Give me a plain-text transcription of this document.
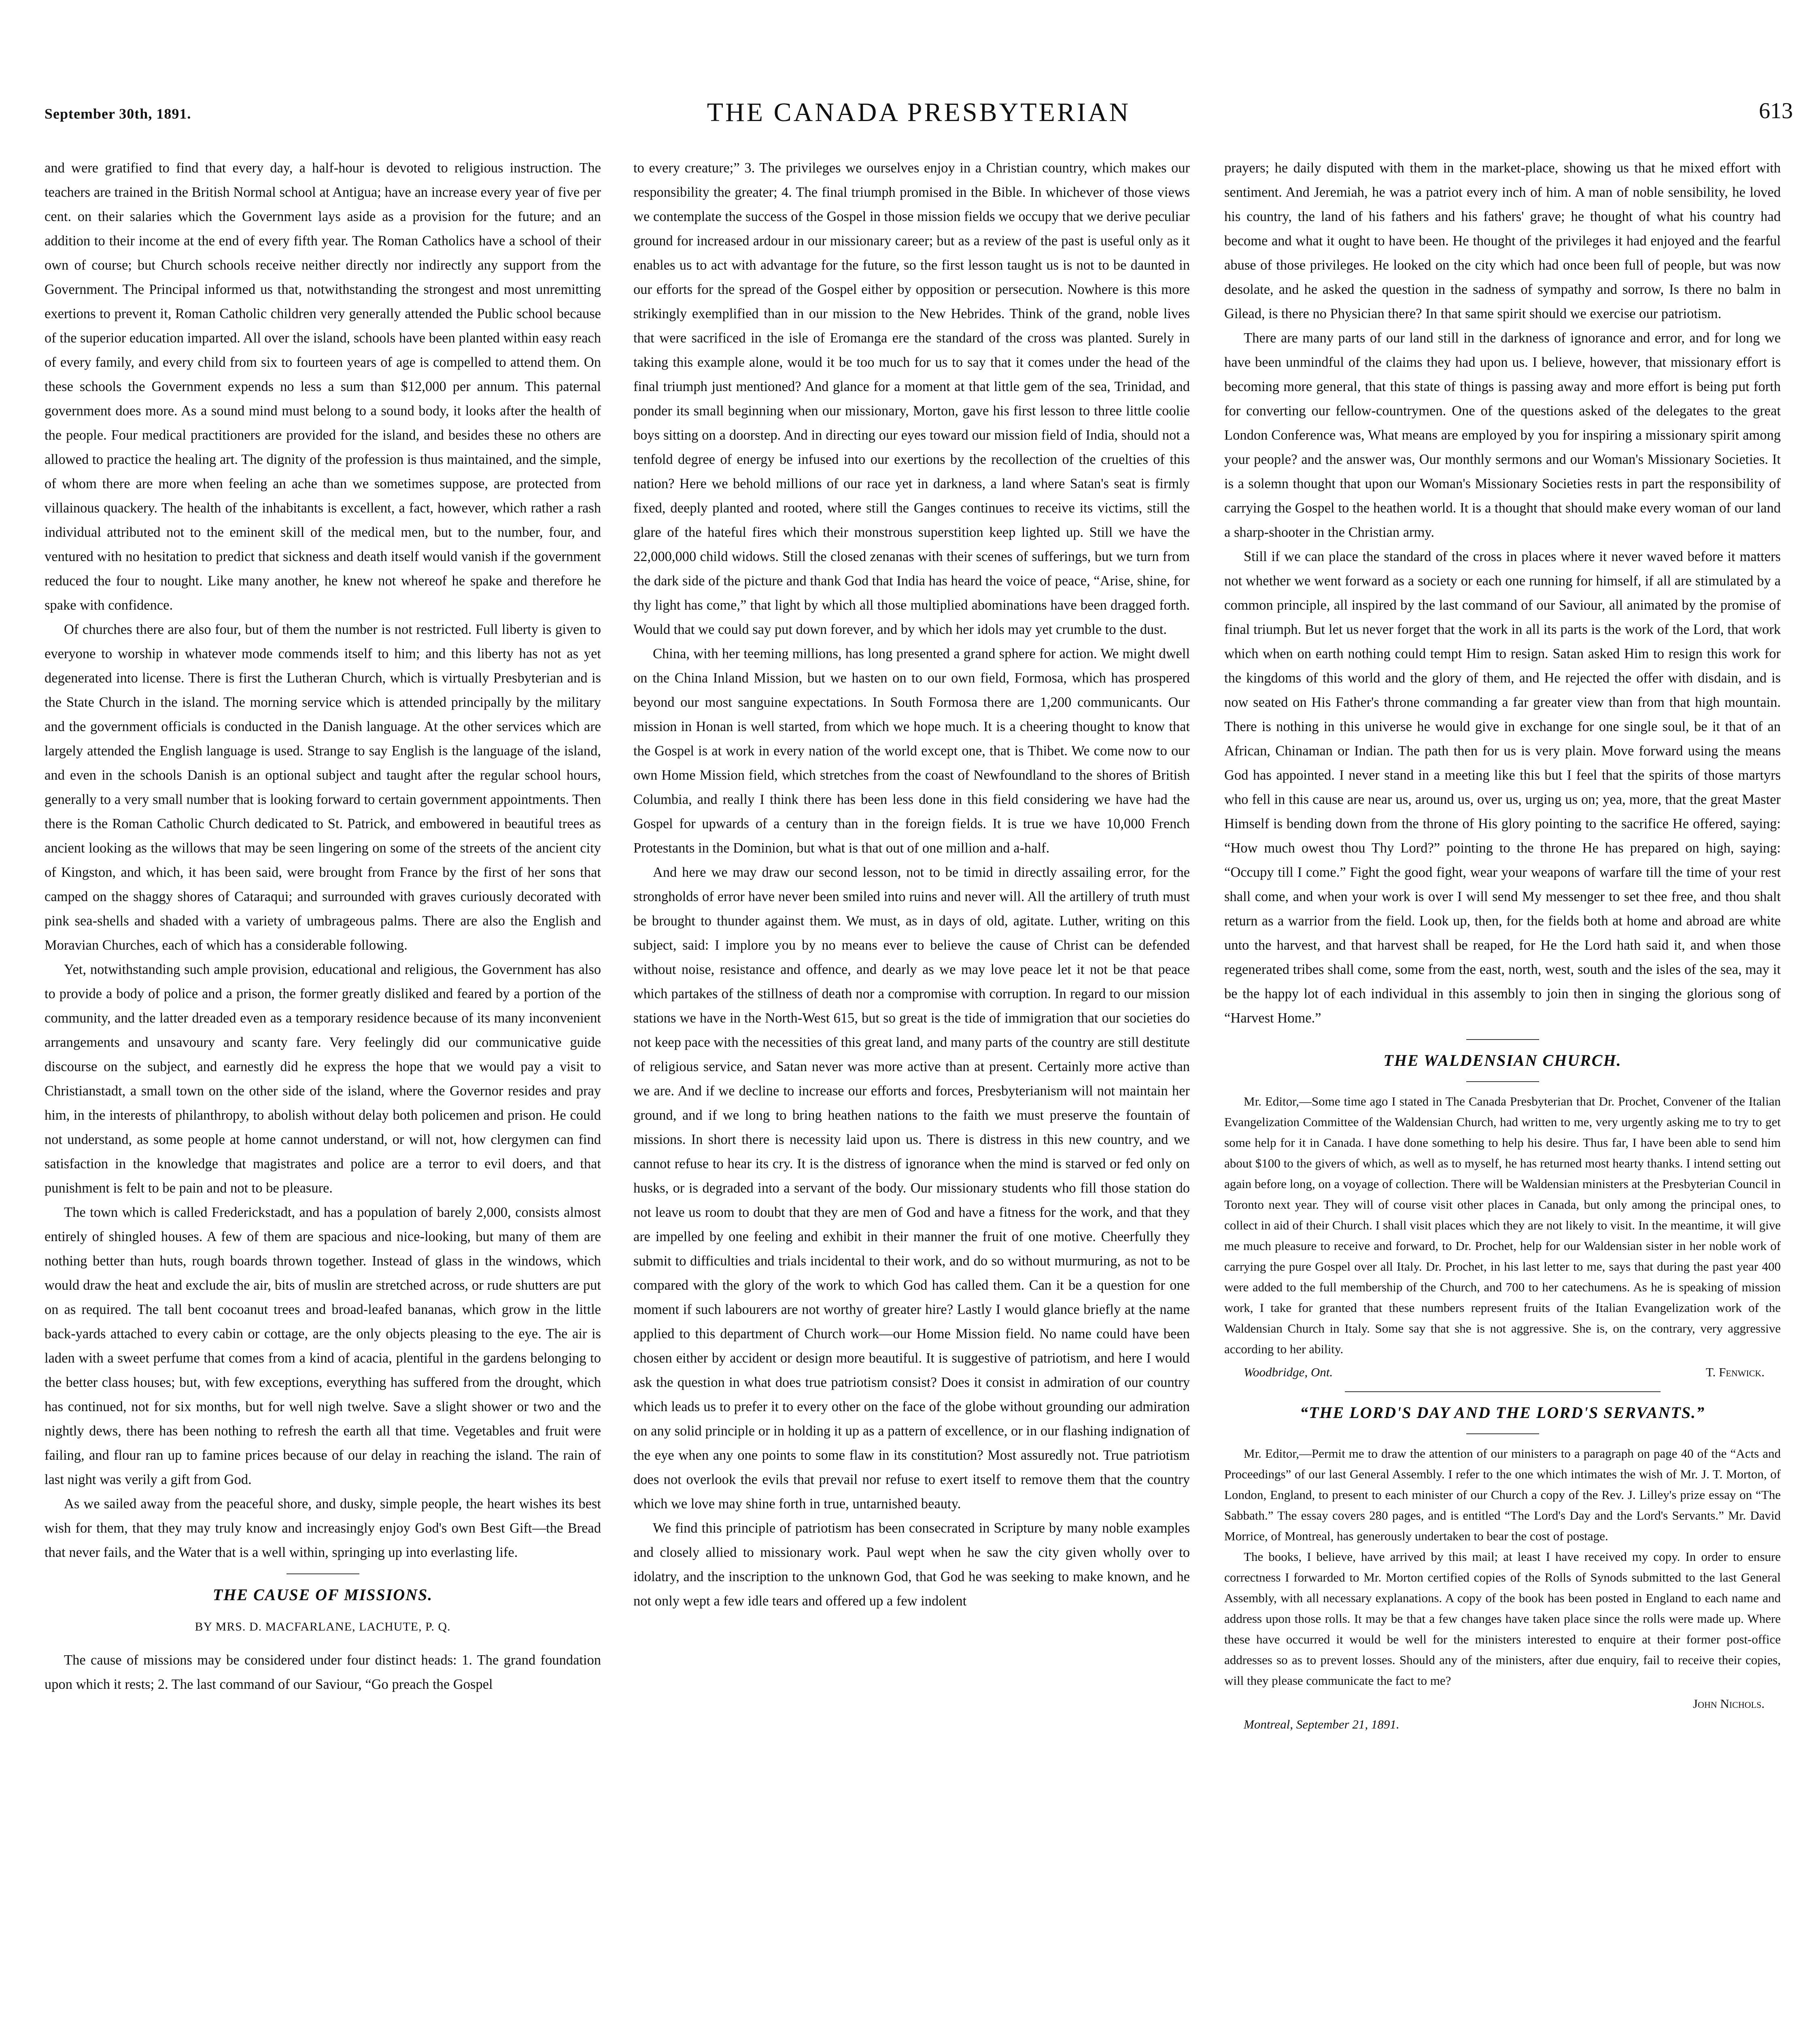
September 30th, 1891.	THE CANADA PRESBYTERIAN	613

and were gratified to find that every day, a half-hour is devoted to religious instruction. The teachers are trained in the British Normal school at Antigua; have an increase every year of five per cent. on their salaries which the Government lays aside as a provision for the future; and an addition to their income at the end of every fifth year. The Roman Catholics have a school of their own of course; but Church schools receive neither directly nor indirectly any support from the Government. The Principal informed us that, notwithstanding the strongest and most unremitting exertions to prevent it, Roman Catholic children very generally attended the Public school because of the superior education imparted. All over the island, schools have been planted within easy reach of every family, and every child from six to fourteen years of age is compelled to attend them. On these schools the Government expends no less a sum than $12,000 per annum. This paternal government does more. As a sound mind must belong to a sound body, it looks after the health of the people. Four medical practitioners are provided for the island, and besides these no others are allowed to practice the healing art. The dignity of the profession is thus maintained, and the simple, of whom there are more when feeling an ache than we sometimes suppose, are protected from villainous quackery. The health of the inhabitants is excellent, a fact, however, which rather a rash individual attributed not to the eminent skill of the medical men, but to the number, four, and ventured with no hesitation to predict that sickness and death itself would vanish if the government reduced the four to nought. Like many another, he knew not whereof he spake and therefore he spake with confidence.

Of churches there are also four, but of them the number is not restricted. Full liberty is given to everyone to worship in whatever mode commends itself to him; and this liberty has not as yet degenerated into license. There is first the Lutheran Church, which is virtually Presbyterian and is the State Church in the island. The morning service which is attended principally by the military and the government officials is conducted in the Danish language. At the other services which are largely attended the English language is used. Strange to say English is the language of the island, and even in the schools Danish is an optional subject and taught after the regular school hours, generally to a very small number that is looking forward to certain government appointments. Then there is the Roman Catholic Church dedicated to St. Patrick, and embowered in beautiful trees as ancient looking as the willows that may be seen lingering on some of the streets of the ancient city of Kingston, and which, it has been said, were brought from France by the first of her sons that camped on the shaggy shores of Cataraqui; and surrounded with graves curiously decorated with pink sea-shells and shaded with a variety of umbrageous palms. There are also the English and Moravian Churches, each of which has a considerable following.

Yet, notwithstanding such ample provision, educational and religious, the Government has also to provide a body of police and a prison, the former greatly disliked and feared by a portion of the community, and the latter dreaded even as a temporary residence because of its many inconvenient arrangements and unsavoury and scanty fare. Very feelingly did our communicative guide discourse on the subject, and earnestly did he express the hope that we would pay a visit to Christianstadt, a small town on the other side of the island, where the Governor resides and pray him, in the interests of philanthropy, to abolish without delay both policemen and prison. He could not understand, as some people at home cannot understand, or will not, how clergymen can find satisfaction in the knowledge that magistrates and police are a terror to evil doers, and that punishment is felt to be pain and not to be pleasure.

The town which is called Frederickstadt, and has a population of barely 2,000, consists almost entirely of shingled houses. A few of them are spacious and nice-looking, but many of them are nothing better than huts, rough boards thrown together. Instead of glass in the windows, which would draw the heat and exclude the air, bits of muslin are stretched across, or rude shutters are put on as required. The tall bent cocoanut trees and broad-leafed bananas, which grow in the little back-yards attached to every cabin or cottage, are the only objects pleasing to the eye. The air is laden with a sweet perfume that comes from a kind of acacia, plentiful in the gardens belonging to the better class houses; but, with few exceptions, everything has suffered from the drought, which has continued, not for six months, but for well nigh twelve. Save a slight shower or two and the nightly dews, there has been nothing to refresh the earth all that time. Vegetables and fruit were failing, and flour ran up to famine prices because of our delay in reaching the island. The rain of last night was verily a gift from God.

As we sailed away from the peaceful shore, and dusky, simple people, the heart wishes its best wish for them, that they may truly know and increasingly enjoy God's own Best Gift—the Bread that never fails, and the Water that is a well within, springing up into everlasting life.

THE CAUSE OF MISSIONS.
BY MRS. D. MACFARLANE, LACHUTE, P. Q.

The cause of missions may be considered under four distinct heads: 1. The grand foundation upon which it rests; 2. The last command of our Saviour, “Go preach the Gospel

to every creature;” 3. The privileges we ourselves enjoy in a Christian country, which makes our responsibility the greater; 4. The final triumph promised in the Bible. In whichever of those views we contemplate the success of the Gospel in those mission fields we occupy that we derive peculiar ground for increased ardour in our missionary career; but as a review of the past is useful only as it enables us to act with advantage for the future, so the first lesson taught us is not to be daunted in our efforts for the spread of the Gospel either by opposition or persecution. Nowhere is this more strikingly exemplified than in our mission to the New Hebrides. Think of the grand, noble lives that were sacrificed in the isle of Eromanga ere the standard of the cross was planted. Surely in taking this example alone, would it be too much for us to say that it comes under the head of the final triumph just mentioned? And glance for a moment at that little gem of the sea, Trinidad, and ponder its small beginning when our missionary, Morton, gave his first lesson to three little coolie boys sitting on a doorstep. And in directing our eyes toward our mission field of India, should not a tenfold degree of energy be infused into our exertions by the recollection of the cruelties of this nation? Here we behold millions of our race yet in darkness, a land where Satan's seat is firmly fixed, deeply planted and rooted, where still the Ganges continues to receive its victims, still the glare of the hateful fires which their monstrous superstition keep lighted up. Still we have the 22,000,000 child widows. Still the closed zenanas with their scenes of sufferings, but we turn from the dark side of the picture and thank God that India has heard the voice of peace, “Arise, shine, for thy light has come,” that light by which all those multiplied abominations have been dragged forth. Would that we could say put down forever, and by which her idols may yet crumble to the dust.

China, with her teeming millions, has long presented a grand sphere for action. We might dwell on the China Inland Mission, but we hasten on to our own field, Formosa, which has prospered beyond our most sanguine expectations. In South Formosa there are 1,200 communicants. Our mission in Honan is well started, from which we hope much. It is a cheering thought to know that the Gospel is at work in every nation of the world except one, that is Thibet. We come now to our own Home Mission field, which stretches from the coast of Newfoundland to the shores of British Columbia, and really I think there has been less done in this field considering we have had the Gospel for upwards of a century than in the foreign fields. It is true we have 10,000 French Protestants in the Dominion, but what is that out of one million and a-half.

And here we may draw our second lesson, not to be timid in directly assailing error, for the strongholds of error have never been smiled into ruins and never will. All the artillery of truth must be brought to thunder against them. We must, as in days of old, agitate. Luther, writing on this subject, said: I implore you by no means ever to believe the cause of Christ can be defended without noise, resistance and offence, and dearly as we may love peace let it not be that peace which partakes of the stillness of death nor a compromise with corruption. In regard to our mission stations we have in the North-West 615, but so great is the tide of immigration that our societies do not keep pace with the necessities of this great land, and many parts of the country are still destitute of religious service, and Satan never was more active than at present. Certainly more active than we are. And if we decline to increase our efforts and forces, Presbyterianism will not maintain her ground, and if we long to bring heathen nations to the faith we must preserve the fountain of missions. In short there is necessity laid upon us. There is distress in this new country, and we cannot refuse to hear its cry. It is the distress of ignorance when the mind is starved or fed only on husks, or is degraded into a servant of the body. Our missionary students who fill those station do not leave us room to doubt that they are men of God and have a fitness for the work, and that they are impelled by one feeling and exhibit in their manner the fruit of one motive. Cheerfully they submit to difficulties and trials incidental to their work, and do so without murmuring, as not to be compared with the glory of the work to which God has called them. Can it be a question for one moment if such labourers are not worthy of greater hire? Lastly I would glance briefly at the name applied to this department of Church work—our Home Mission field. No name could have been chosen either by accident or design more beautiful. It is suggestive of patriotism, and here I would ask the question in what does true patriotism consist? Does it consist in admiration of our country which leads us to prefer it to every other on the face of the globe without grounding our admiration on any solid principle or in holding it up as a pattern of excellence, or in our flashing indignation of the eye when any one points to some flaw in its constitution? Most assuredly not. True patriotism does not overlook the evils that prevail nor refuse to exert itself to remove them that the country which we love may shine forth in true, untarnished beauty.

We find this principle of patriotism has been consecrated in Scripture by many noble examples and closely allied to missionary work. Paul wept when he saw the city given wholly over to idolatry, and the inscription to the unknown God, that God he was seeking to make known, and he not only wept a few idle tears and offered up a few indolent

prayers; he daily disputed with them in the market-place, showing us that he mixed effort with sentiment. And Jeremiah, he was a patriot every inch of him. A man of noble sensibility, he loved his country, the land of his fathers and his fathers' grave; he thought of what his country had become and what it ought to have been. He thought of the privileges it had enjoyed and the fearful abuse of those privileges. He looked on the city which had once been full of people, but was now desolate, and he asked the question in the sadness of sympathy and sorrow, Is there no balm in Gilead, is there no Physician there? In that same spirit should we exercise our patriotism.

There are many parts of our land still in the darkness of ignorance and error, and for long we have been unmindful of the claims they had upon us. I believe, however, that missionary effort is becoming more general, that this state of things is passing away and more effort is being put forth for converting our fellow-countrymen. One of the questions asked of the delegates to the great London Conference was, What means are employed by you for inspiring a missionary spirit among your people? and the answer was, Our monthly sermons and our Woman's Missionary Societies. It is a solemn thought that upon our Woman's Missionary Societies rests in part the responsibility of carrying the Gospel to the heathen world. It is a thought that should make every woman of our land a sharp-shooter in the Christian army.

Still if we can place the standard of the cross in places where it never waved before it matters not whether we went forward as a society or each one running for himself, if all are stimulated by a common principle, all inspired by the last command of our Saviour, all animated by the promise of final triumph. But let us never forget that the work in all its parts is the work of the Lord, that work which when on earth nothing could tempt Him to resign. Satan asked Him to resign this work for the kingdoms of this world and the glory of them, and He rejected the offer with disdain, and is now seated on His Father's throne commanding a far greater view than from that high mountain. There is nothing in this universe he would give in exchange for one single soul, be it that of an African, Chinaman or Indian. The path then for us is very plain. Move forward using the means God has appointed. I never stand in a meeting like this but I feel that the spirits of those martyrs who fell in this cause are near us, around us, over us, urging us on; yea, more, that the great Master Himself is bending down from the throne of His glory pointing to the sacrifice He offered, saying: “How much owest thou Thy Lord?” pointing to the throne He has prepared on high, saying: “Occupy till I come.” Fight the good fight, wear your weapons of warfare till the time of your rest shall come, and when your work is over I will send My messenger to set thee free, and thou shalt return as a warrior from the field. Look up, then, for the fields both at home and abroad are white unto the harvest, and that harvest shall be reaped, for He the Lord hath said it, and when those regenerated tribes shall come, some from the east, north, west, south and the isles of the sea, may it be the happy lot of each individual in this assembly to join then in singing the glorious song of “Harvest Home.”

THE WALDENSIAN CHURCH.

Mr. Editor,—Some time ago I stated in The Canada Presbyterian that Dr. Prochet, Convener of the Italian Evangelization Committee of the Waldensian Church, had written to me, very urgently asking me to try to get some help for it in Canada. I have done something to help his desire. Thus far, I have been able to send him about $100 to the givers of which, as well as to myself, he has returned most hearty thanks. I intend setting out again before long, on a voyage of collection. There will be Waldensian ministers at the Presbyterian Council in Toronto next year. They will of course visit other places in Canada, but only among the principal ones, to collect in aid of their Church. I shall visit places which they are not likely to visit. In the meantime, it will give me much pleasure to receive and forward, to Dr. Prochet, help for our Waldensian sister in her noble work of carrying the pure Gospel over all Italy. Dr. Prochet, in his last letter to me, says that during the past year 400 were added to the full membership of the Church, and 700 to her catechumens. As he is speaking of mission work, I take for granted that these numbers represent fruits of the Italian Evangelization work of the Waldensian Church in Italy. Some say that she is not aggressive. She is, on the contrary, very aggressive according to her ability.

Woodbridge, Ont.	T. Fenwick.
“THE LORD'S DAY AND THE LORD'S SERVANTS.”

Mr. Editor,—Permit me to draw the attention of our ministers to a paragraph on page 40 of the “Acts and Proceedings” of our last General Assembly. I refer to the one which intimates the wish of Mr. J. T. Morton, of London, England, to present to each minister of our Church a copy of the Rev. J. Lilley's prize essay on “The Sabbath.” The essay covers 280 pages, and is entitled “The Lord's Day and the Lord's Servants.” Mr. David Morrice, of Montreal, has generously undertaken to bear the cost of postage.

The books, I believe, have arrived by this mail; at least I have received my copy. In order to ensure correctness I forwarded to Mr. Morton certified copies of the Rolls of Synods submitted to the last General Assembly, with all necessary explanations. A copy of the book has been posted in England to each name and address upon those rolls. It may be that a few changes have taken place since the rolls were made up. Where these have occurred it would be well for the ministers interested to enquire at their former post-office addresses so as to prevent losses. Should any of the ministers, after due enquiry, fail to receive their copies, will they please communicate the fact to me?

John Nichols.
Montreal, September 21, 1891.
